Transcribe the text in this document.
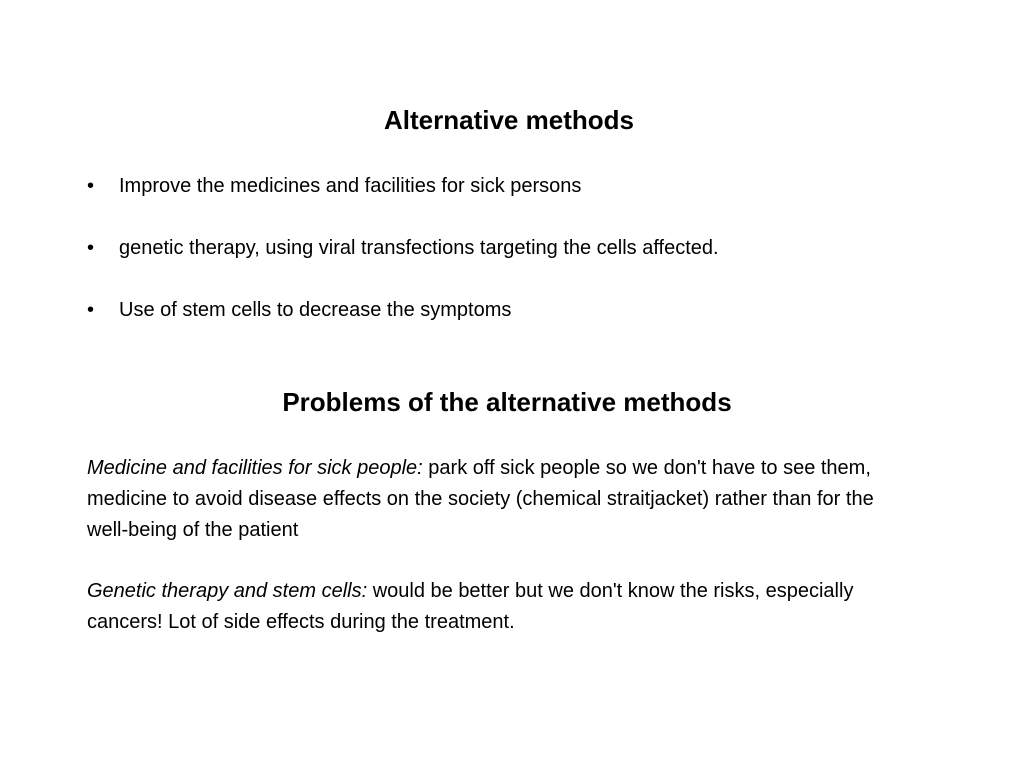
Alternative methods
•	Improve the medicines and facilities for sick persons
•	genetic therapy, using viral transfections targeting the cells affected.
•	Use of stem cells to decrease the symptoms
Problems of the alternative methods

Medicine and facilities for sick people: park off sick people so we don't have to see them, medicine to avoid disease effects on the society (chemical straitjacket) rather than for the well-being of the patient

Genetic therapy and stem cells: would be better but we don't know the risks, especially cancers! Lot of side effects during the treatment.
